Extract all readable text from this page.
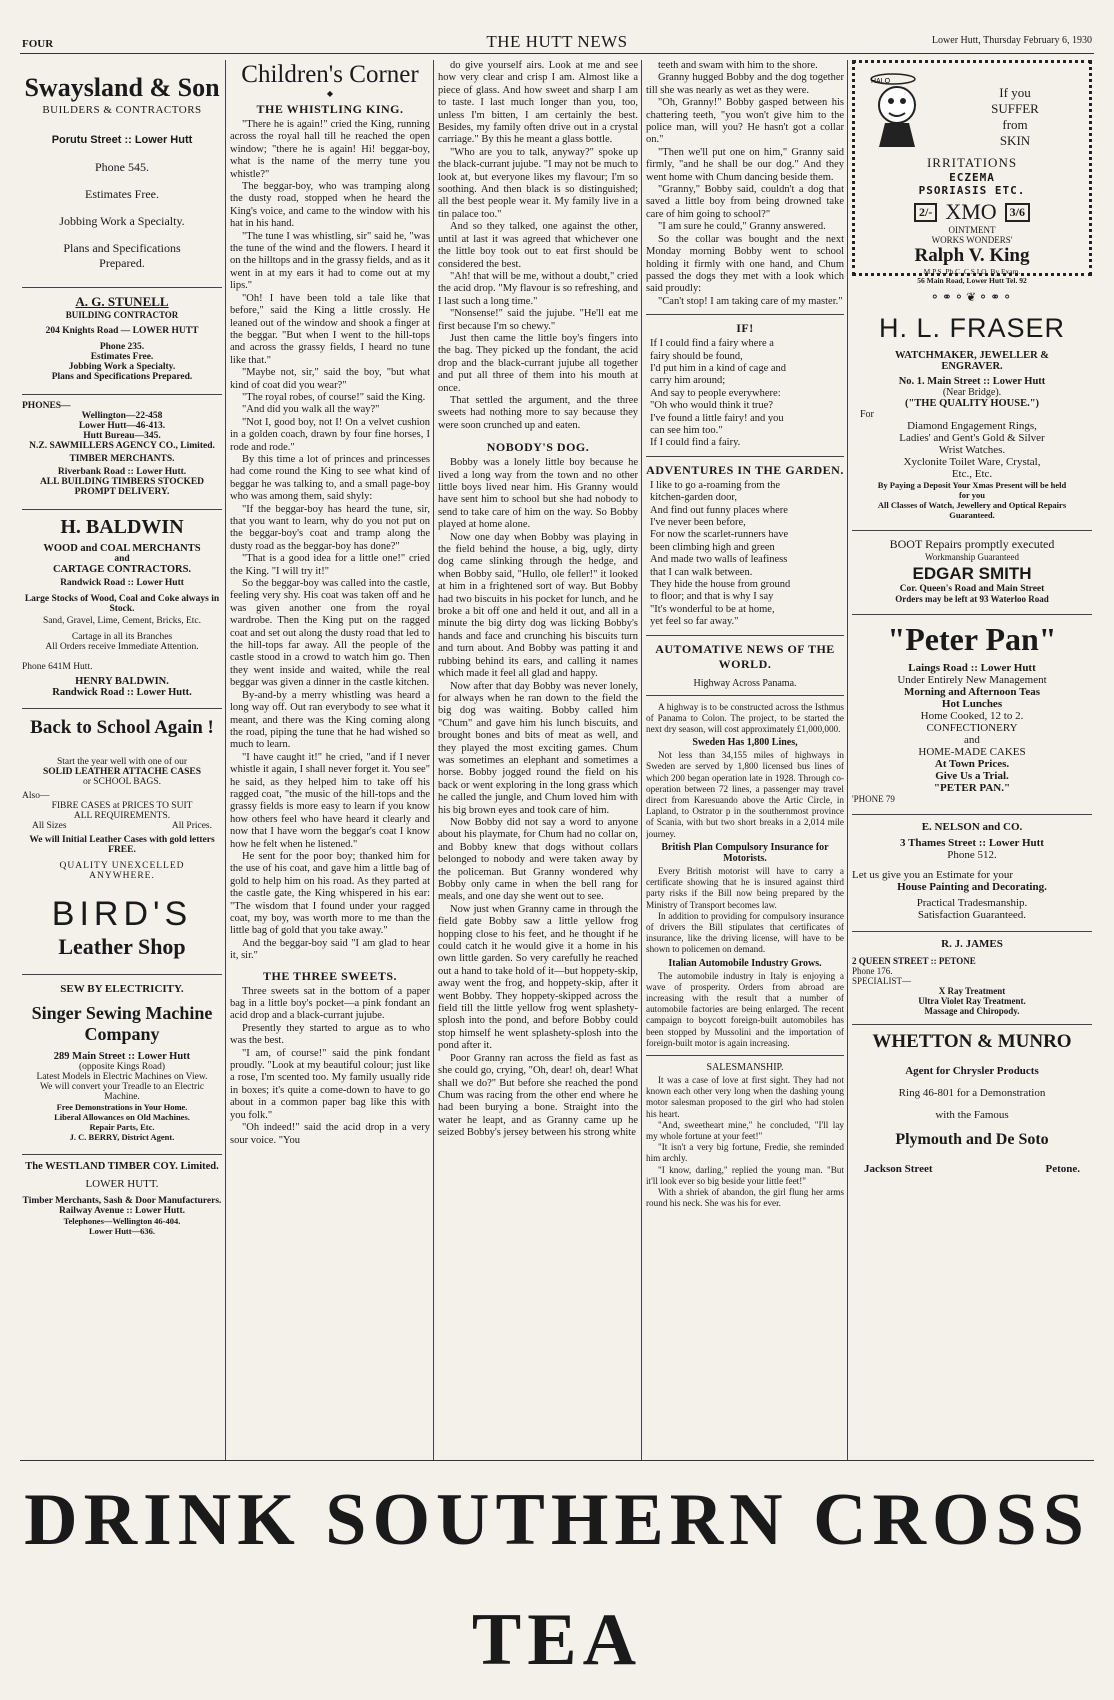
FOUR	THE HUTT NEWS	Lower Hutt, Thursday February 6, 1930
Swaysland & Son
BUILDERS & CONTRACTORS
Porutu Street :: Lower Hutt
Phone 545.
Estimates Free.
Jobbing Work a Specialty.
Plans and Specifications Prepared.
A. G. STUNELL
BUILDING CONTRACTOR
204 Knights Road — LOWER HUTT
Phone 235.
Estimates Free.
Jobbing Work a Specialty.
Plans and Specifications Prepared.
PHONES—
Wellington—22-458
Lower Hutt—46-413.
Hutt Bureau—345.
N.Z. SAWMILLERS AGENCY CO., Limited.
TIMBER MERCHANTS.
Riverbank Road :: Lower Hutt.
ALL BUILDING TIMBERS STOCKED
PROMPT DELIVERY.
H. BALDWIN
WOOD and COAL MERCHANTS
and
CARTAGE CONTRACTORS.
Randwick Road :: Lower Hutt
Large Stocks of Wood, Coal and Coke always in Stock.
Sand, Gravel, Lime, Cement, Bricks, Etc.
Cartage in all its Branches
All Orders receive Immediate Attention.
Phone 641M Hutt.
HENRY BALDWIN.
Randwick Road :: Lower Hutt.
Back to School Again !
Start the year well with one of our
SOLID LEATHER ATTACHE CASES
or SCHOOL BAGS.
Also—
FIBRE CASES at PRICES TO SUIT
ALL REQUIREMENTS.
All Sizes	All Prices.
We will Initial Leather Cases with gold letters FREE.
QUALITY UNEXCELLED ANYWHERE.
BIRD'S
Leather Shop
SEW BY ELECTRICITY.
Singer Sewing Machine
Company
289 Main Street :: Lower Hutt
(opposite Kings Road)
Latest Models in Electric Machines on View.
We will convert your Treadle to an Electric Machine.
Free Demonstrations in Your Home.
Liberal Allowances on Old Machines.
Repair Parts, Etc.
J. C. BERRY, District Agent.
The WESTLAND TIMBER COY. Limited.
LOWER HUTT.
Timber Merchants, Sash & Door Manufacturers.
Railway Avenue :: Lower Hutt.
Telephones—Wellington 46-404.
Lower Hutt—636.
Children's Corner
◆
THE WHISTLING KING.

"There he is again!" cried the King, running across the royal hall till he reached the open window; "there he is again! Hi! beggar-boy, what is the name of the merry tune you whistle?"

The beggar-boy, who was tramping along the dusty road, stopped when he heard the King's voice, and came to the window with his hat in his hand.

"The tune I was whistling, sir" said he, "was the tune of the wind and the flowers. I heard it on the hilltops and in the grassy fields, and as it went in at my ears it had to come out at my lips."

"Oh! I have been told a tale like that before," said the King a little crossly. He leaned out of the window and shook a finger at the beggar. "But when I went to the hill-tops and across the grassy fields, I heard no tune like that."

"Maybe not, sir," said the boy, "but what kind of coat did you wear?"

"The royal robes, of course!" said the King.

"And did you walk all the way?"

"Not I, good boy, not I! On a velvet cushion in a golden coach, drawn by four fine horses, I rode and rode."

By this time a lot of princes and princesses had come round the King to see what kind of beggar he was talking to, and a small page-boy who was among them, said shyly:

"If the beggar-boy has heard the tune, sir, that you want to learn, why do you not put on the beggar-boy's coat and tramp along the dusty road as the beggar-boy has done?"

"That is a good idea for a little one!" cried the King. "I will try it!"

So the beggar-boy was called into the castle, feeling very shy. His coat was taken off and he was given another one from the royal wardrobe. Then the King put on the ragged coat and set out along the dusty road that led to the hill-tops far away. All the people of the castle stood in a crowd to watch him go. Then they went inside and waited, while the real beggar was given a dinner in the castle kitchen.

By-and-by a merry whistling was heard a long way off. Out ran everybody to see what it meant, and there was the King coming along the road, piping the tune that he had wished so much to learn.

"I have caught it!" he cried, "and if I never whistle it again, I shall never forget it. You see" he said, as they helped him to take off his ragged coat, "the music of the hill-tops and the grassy fields is more easy to learn if you know how others feel who have heard it clearly and now that I have worn the beggar's coat I know how he felt when he listened."

He sent for the poor boy; thanked him for the use of his coat, and gave him a little bag of gold to help him on his road. As they parted at the castle gate, the King whispered in his ear: "The wisdom that I found under your ragged coat, my boy, was worth more to me than the little bag of gold that you take away."

And the beggar-boy said "I am glad to hear it, sir."

THE THREE SWEETS.

Three sweets sat in the bottom of a paper bag in a little boy's pocket—a pink fondant an acid drop and a black-currant jujube.

Presently they started to argue as to who was the best.

"I am, of course!" said the pink fondant proudly. "Look at my beautiful colour; just like a rose, I'm scented too. My family usually ride in boxes; it's quite a come-down to have to go about in a common paper bag like this with you folk."

"Oh indeed!" said the acid drop in a very sour voice. "You

do give yourself airs. Look at me and see how very clear and crisp I am. Almost like a piece of glass. And how sweet and sharp I am to taste. I last much longer than you, too, unless I'm bitten, I am certainly the best. Besides, my family often drive out in a crystal carriage." By this he meant a glass bottle.

"Who are you to talk, anyway?" spoke up the black-currant jujube. "I may not be much to look at, but everyone likes my flavour; I'm so soothing. And then black is so distinguished; all the best people wear it. My family live in a tin palace too."

And so they talked, one against the other, until at last it was agreed that whichever one the little boy took out to eat first should be considered the best.

"Ah! that will be me, without a doubt," cried the acid drop. "My flavour is so refreshing, and I last such a long time."

"Nonsense!" said the jujube. "He'll eat me first because I'm so chewy."

Just then came the little boy's fingers into the bag. They picked up the fondant, the acid drop and the black-currant jujube all together and put all three of them into his mouth at once.

That settled the argument, and the three sweets had nothing more to say because they were soon crunched up and eaten.

NOBODY'S DOG.

Bobby was a lonely little boy because he lived a long way from the town and no other little boys lived near him. His Granny would have sent him to school but she had nobody to send to take care of him on the way. So Bobby played at home alone.

Now one day when Bobby was playing in the field behind the house, a big, ugly, dirty dog came slinking through the hedge, and when Bobby said, "Hullo, ole feller!" it looked at him in a frightened sort of way. But Bobby had two biscuits in his pocket for lunch, and he broke a bit off one and held it out, and all in a minute the big dirty dog was licking Bobby's hands and face and crunching his biscuits turn and turn about. And Bobby was patting it and rubbing behind its ears, and calling it names which made it feel all glad and happy.

Now after that day Bobby was never lonely, for always when he ran down to the field the big dog was waiting. Bobby called him "Chum" and gave him his lunch biscuits, and brought bones and bits of meat as well, and they played the most exciting games. Chum was sometimes an elephant and sometimes a horse. Bobby jogged round the field on his back or went exploring in the long grass which he called the jungle, and Chum loved him with his big brown eyes and took care of him.

Now Bobby did not say a word to anyone about his playmate, for Chum had no collar on, and Bobby knew that dogs without collars belonged to nobody and were taken away by the policeman. But Granny wondered why Bobby only came in when the bell rang for meals, and one day she went out to see.

Now just when Granny came in through the field gate Bobby saw a little yellow frog hopping close to his feet, and he thought if he could catch it he would give it a home in his own little garden. So very carefully he reached out a hand to take hold of it—but hoppety-skip, away went the frog, and hoppety-skip, after it went Bobby. They hoppety-skipped across the field till the little yellow frog went splashety-splosh into the pond, and before Bobby could stop himself he went splashety-splosh into the pond after it.

Poor Granny ran across the field as fast as she could go, crying, "Oh, dear! oh, dear! What shall we do?" But before she reached the pond Chum was racing from the other end where he had been burying a bone. Straight into the water he leapt, and as Granny came up he seized Bobby's jersey between his strong white

teeth and swam with him to the shore.

Granny hugged Bobby and the dog together till she was nearly as wet as they were.

"Oh, Granny!" Bobby gasped between his chattering teeth, "you won't give him to the police man, will you? He hasn't got a collar on."

"Then we'll put one on him," Granny said firmly, "and he shall be our dog." And they went home with Chum dancing beside them.

"Granny," Bobby said, couldn't a dog that saved a little boy from being drowned take care of him going to school?"

"I am sure he could," Granny answered.

So the collar was bought and the next Monday morning Bobby went to school holding it firmly with one hand, and Chum passed the dogs they met with a look which said proudly:

"Can't stop! I am taking care of my master."

IF!

If I could find a fairy where a

fairy should be found,

I'd put him in a kind of cage and

carry him around;

And say to people everywhere:

"Oh who would think it true?

I've found a little fairy! and you

can see him too."

If I could find a fairy.

ADVENTURES IN THE GARDEN.

I like to go a-roaming from the

kitchen-garden door,

And find out funny places where

I've never been before,

For now the scarlet-runners have

been climbing high and green

And made two walls of leafiness

that I can walk between.

They hide the house from ground

to floor; and that is why I say

"It's wonderful to be at home,

yet feel so far away."

AUTOMATIVE NEWS OF THE WORLD.
Highway Across Panama.

A highway is to be constructed across the Isthmus of Panama to Colon. The project, to be started the next dry season, will cost approximately £1,000,000.

Sweden Has 1,800 Lines,

Not less than 34,155 miles of highways in Sweden are served by 1,800 licensed bus lines of which 200 began operation late in 1928. Through co-operation between 72 lines, a passenger may travel direct from Karesuando above the Artic Circle, in Lapland, to Ostrator p in the southernmost province of Scania, with but two short breaks in a 2,014 mile journey.

British Plan Compulsory Insurance for Motorists.

Every British motorist will have to carry a certificate showing that he is insured against third party risks if the Bill now being prepared by the Ministry of Transport becomes law.

In addition to providing for compulsory insurance of drivers the Bill stipulates that certificates of insurance, like the driving license, will have to be shown to policemen on demand.

Italian Automobile Industry Grows.

The automobile industry in Italy is enjoying a wave of prosperity. Orders from abroad are increasing with the result that a number of automobile factories are being enlarged. The recent campaign to boycott foreign-built automobiles has been stopped by Mussolini and the importation of foreign-built motor is again increasing.

SALESMANSHIP.

It was a case of love at first sight. They had not known each other very long when the dashing young motor salesman proposed to the girl who had stolen his heart.

"And, sweetheart mine," he concluded, "I'll lay my whole fortune at your feet!"

"It isn't a very big fortune, Fredie, she reminded him archly.

"I know, darling," replied the young man. "But it'll look ever so big beside your little feet!"

With a shriek of abandon, the girl flung her arms round his neck. She was his for ever.

HALO
If you
SUFFER
from
SKIN
IRRITATIONS
ECZEMA
PSORIASIS ETC.
2/- XMO	3/6
OINTMENT
WORKS WONDERS'
Ralph V. King
M.P.S. Ph.C. C.S.I.O. By Exam.
56 Main Road, Lower Hutt Tel. 92
⚬⚭⚬❦⚬⚭⚬
H. L. FRASER
WATCHMAKER, JEWELLER &
ENGRAVER.
No. 1. Main Street :: Lower Hutt
(Near Bridge).
("THE QUALITY HOUSE.")
For
Diamond Engagement Rings,
Ladies' and Gent's Gold & Silver
Wrist Watches.
Xyclonite Toilet Ware, Crystal,
Etc., Etc.
By Paying a Deposit Your Xmas Present will be held for you
All Classes of Watch, Jewellery and Optical Repairs Guaranteed.
BOOT Repairs promptly executed
Workmanship Guaranteed
EDGAR SMITH
Cor. Queen's Road and Main Street
Orders may be left at 93 Waterloo Road
"Peter Pan"
Laings Road :: Lower Hutt
Under Entirely New Management
Morning and Afternoon Teas
Hot Lunches
Home Cooked, 12 to 2.
CONFECTIONERY
and
HOME-MADE CAKES
At Town Prices.
Give Us a Trial.
"PETER PAN."
'PHONE 79
E. NELSON and CO.
3 Thames Street :: Lower Hutt
Phone 512.
Let us give you an Estimate for your
House Painting and Decorating.
Practical Tradesmanship.
Satisfaction Guaranteed.
R. J. JAMES
2 QUEEN STREET :: PETONE
Phone 176.
SPECIALIST—
X Ray Treatment
Ultra Violet Ray Treatment.
Massage and Chiropody.
WHETTON & MUNRO
Agent for Chrysler Products
Ring 46-801 for a Demonstration
with the Famous
Plymouth and De Soto
Jackson Street	Petone.
DRINK SOUTHERN CROSS TEA
